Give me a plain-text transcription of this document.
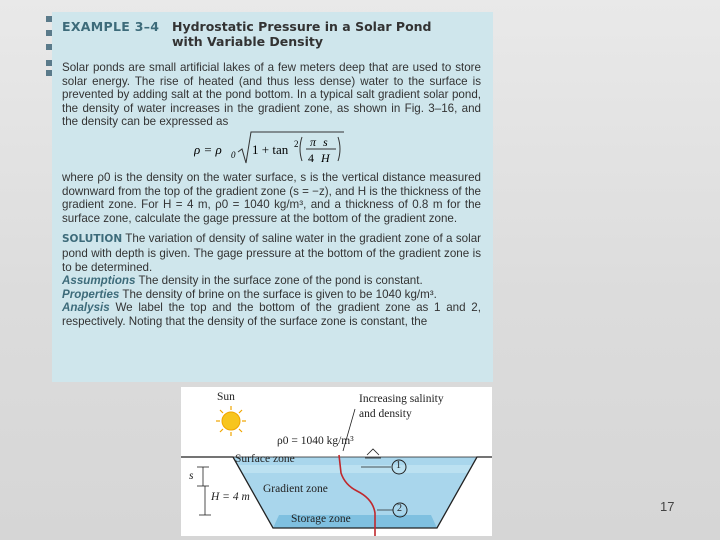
EXAMPLE 3–4	Hydrostatic Pressure in a Solar Pond
with Variable Density

Solar ponds are small artificial lakes of a few meters deep that are used to store solar energy. The rise of heated (and thus less dense) water to the surface is prevented by adding salt at the pond bottom. In a typical salt gradient solar pond, the density of water increases in the gradient zone, as shown in Fig. 3–16, and the density can be expressed as

ρ = ρ 0 1 + tan 2 π s
4 H

where ρ0 is the density on the water surface, s is the vertical distance measured downward from the top of the gradient zone (s = −z), and H is the thickness of the gradient zone. For H = 4 m, ρ0 = 1040 kg/m³, and a thickness of 0.8 m for the surface zone, calculate the gage pressure at the bottom of the gradient zone.

SOLUTION The variation of density of saline water in the gradient zone of a solar pond with depth is given. The gage pressure at the bottom of the gradient zone is to be determined.

Assumptions The density in the surface zone of the pond is constant.

Properties The density of brine on the surface is given to be 1040 kg/m³.

Analysis We label the top and the bottom of the gradient zone as 1 and 2, respectively. Noting that the density of the surface zone is constant, the

Sun	Increasing salinity
and density
ρ0 = 1040 kg/m³
Surface zone
Gradient zone
Storage zone
s
H = 4 m
1
2	17
